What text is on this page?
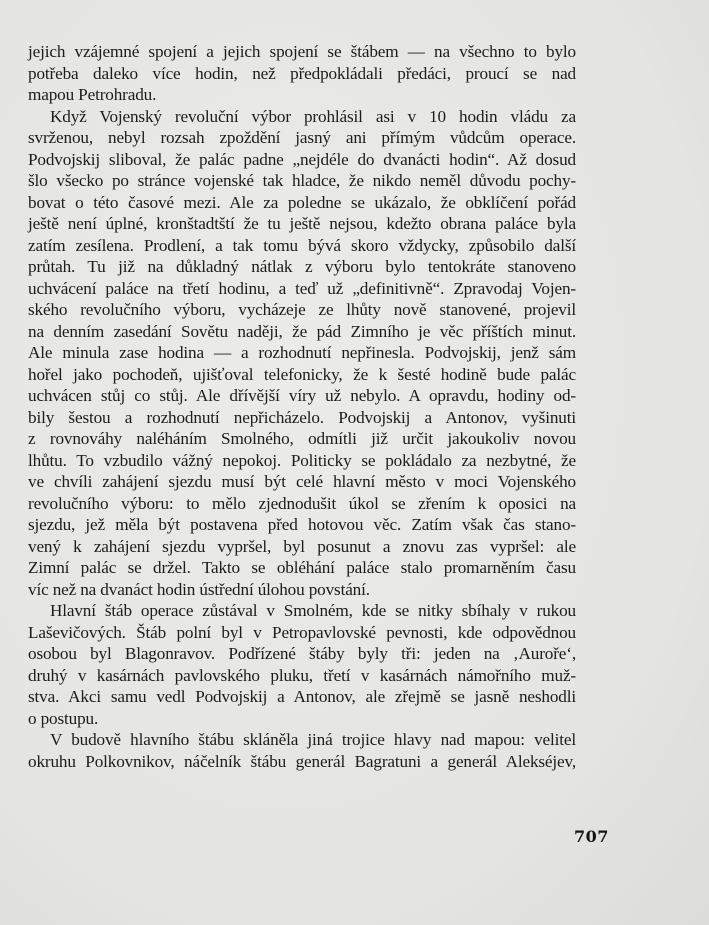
jejich vzájemné spojení a jejich spojení se štábem — na všechno to bylo
potřeba daleko více hodin, než předpokládali předáci, proucí se nad
mapou Petrohradu.
Když Vojenský revoluční výbor prohlásil asi v 10 hodin vládu za
svrženou, nebyl rozsah zpoždění jasný ani přímým vůdcům operace.
Podvojskij sliboval, že palác padne „nejdéle do dvanácti hodin“. Až dosud
šlo všecko po stránce vojenské tak hladce, že nikdo neměl důvodu pochy-
bovat o této časové mezi. Ale za poledne se ukázalo, že obklíčení pořád
ještě není úplné, kronštadtští že tu ještě nejsou, kdežto obrana paláce byla
zatím zesílena. Prodlení, a tak tomu bývá skoro vždycky, způsobilo další
průtah. Tu již na důkladný nátlak z výboru bylo tentokráte stanoveno
uchvácení paláce na třetí hodinu, a teď už „definitivně“. Zpravodaj Vojen-
ského revolučního výboru, vycházeje ze lhůty nově stanovené, projevil
na denním zasedání Sovětu naději, že pád Zimního je věc příštích minut.
Ale minula zase hodina — a rozhodnutí nepřinesla. Podvojskij, jenž sám
hořel jako pochodeň, ujišťoval telefonicky, že k šesté hodině bude palác
uchvácen stůj co stůj. Ale dřívější víry už nebylo. A opravdu, hodiny od-
bily šestou a rozhodnutí nepřicházelo. Podvojskij a Antonov, vyšinuti
z rovnováhy naléháním Smolného, odmítli již určit jakoukoliv novou
lhůtu. To vzbudilo vážný nepokoj. Politicky se pokládalo za nezbytné, že
ve chvíli zahájení sjezdu musí být celé hlavní město v moci Vojenského
revolučního výboru: to mělo zjednodušit úkol se zřením k oposici na
sjezdu, jež měla být postavena před hotovou věc. Zatím však čas stano-
vený k zahájení sjezdu vypršel, byl posunut a znovu zas vypršel: ale
Zimní palác se držel. Takto se obléhání paláce stalo promarněním času
víc než na dvanáct hodin ústřední úlohou povstání.
Hlavní štáb operace zůstával v Smolném, kde se nitky sbíhaly v rukou
Laševičových. Štáb polní byl v Petropavlovské pevnosti, kde odpovědnou
osobou byl Blagonravov. Podřízené štáby byly tři: jeden na ‚Auroře‘,
druhý v kasárnách pavlovského pluku, třetí v kasárnách námořního muž-
stva. Akci samu vedl Podvojskij a Antonov, ale zřejmě se jasně neshodli
o postupu.
V budově hlavního štábu skláněla jiná trojice hlavy nad mapou: velitel
okruhu Polkovnikov, náčelník štábu generál Bagratuni a generál Alekséjev,
707
